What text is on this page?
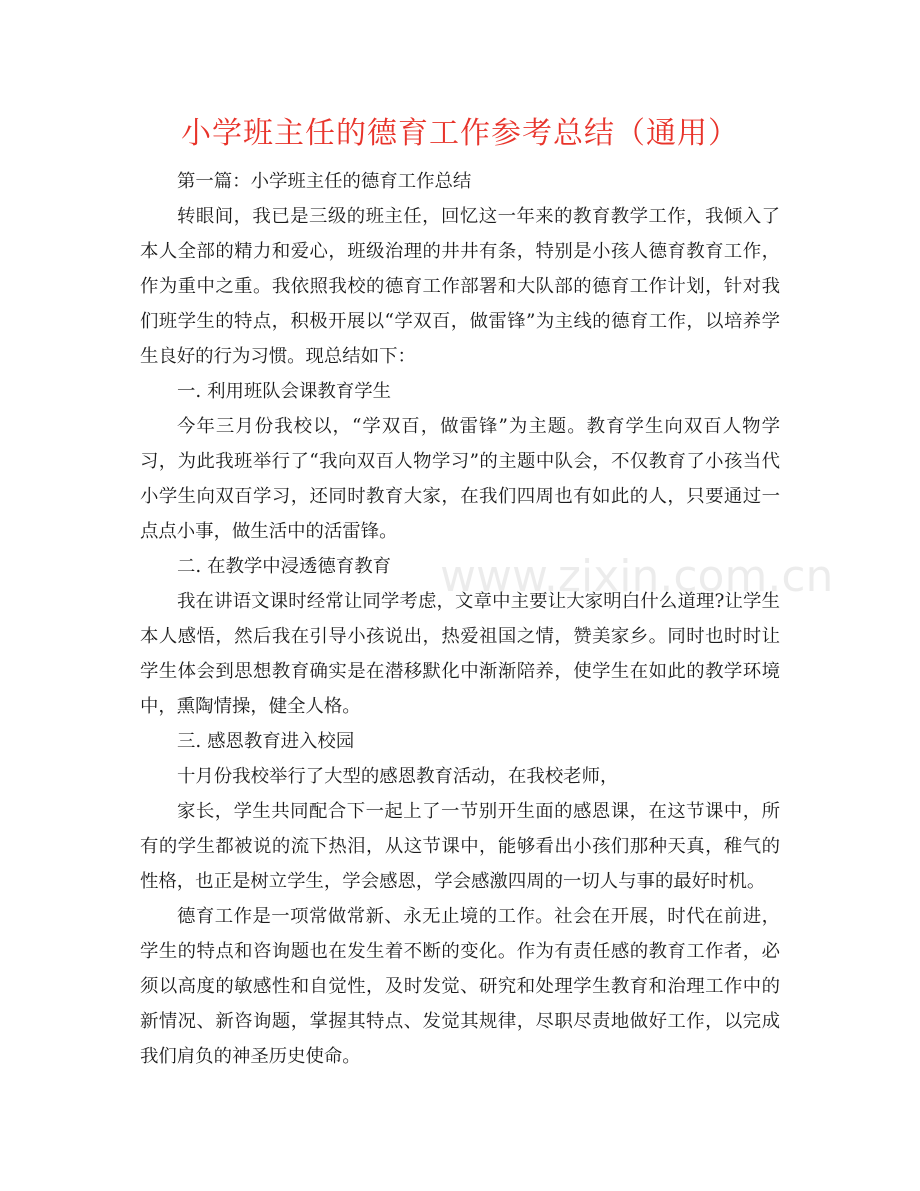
小学班主任的德育工作参考总结（通用）

第一篇：小学班主任的德育工作总结

转眼间，我已是三级的班主任，回忆这一年来的教育教学工作，我倾入了本人全部的精力和爱心，班级治理的井井有条，特别是小孩人德育教育工作，作为重中之重。我依照我校的德育工作部署和大队部的德育工作计划，针对我们班学生的特点，积极开展以“学双百，做雷锋”为主线的德育工作，以培养学生良好的行为习惯。现总结如下：

一. 利用班队会课教育学生

今年三月份我校以，“学双百，做雷锋”为主题。教育学生向双百人物学习，为此我班举行了“我向双百人物学习”的主题中队会，不仅教育了小孩当代小学生向双百学习，还同时教育大家，在我们四周也有如此的人，只要通过一点点小事，做生活中的活雷锋。

二. 在教学中浸透德育教育

我在讲语文课时经常让同学考虑，文章中主要让大家明白什么道理?让学生本人感悟，然后我在引导小孩说出，热爱祖国之情，赞美家乡。同时也时时让学生体会到思想教育确实是在潜移默化中渐渐陪养，使学生在如此的教学环境中，熏陶情操，健全人格。

三. 感恩教育进入校园

十月份我校举行了大型的感恩教育活动，在我校老师，

家长，学生共同配合下一起上了一节别开生面的感恩课，在这节课中，所有的学生都被说的流下热泪，从这节课中，能够看出小孩们那种天真，稚气的性格，也正是树立学生，学会感恩，学会感激四周的一切人与事的最好时机。

德育工作是一项常做常新、永无止境的工作。社会在开展，时代在前进，学生的特点和咨询题也在发生着不断的变化。作为有责任感的教育工作者，必须以高度的敏感性和自觉性，及时发觉、研究和处理学生教育和治理工作中的新情况、新咨询题，掌握其特点、发觉其规律，尽职尽责地做好工作，以完成我们肩负的神圣历史使命。

www.zixin.com.cn
